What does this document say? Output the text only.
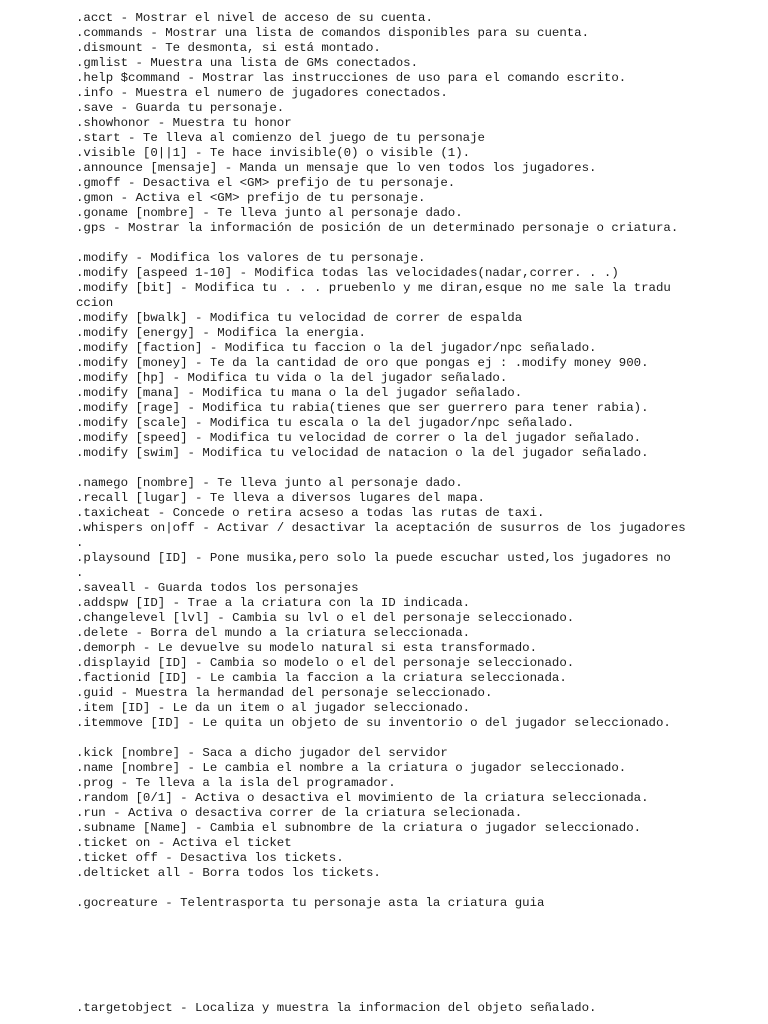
.acct - Mostrar el nivel de acceso de su cuenta.
.commands - Mostrar una lista de comandos disponibles para su cuenta.
.dismount - Te desmonta, si está montado.
.gmlist - Muestra una lista de GMs conectados.
.help $command - Mostrar las instrucciones de uso para el comando escrito.
.info - Muestra el numero de jugadores conectados.
.save - Guarda tu personaje.
.showhonor - Muestra tu honor
.start - Te lleva al comienzo del juego de tu personaje
.visible [0||1] - Te hace invisible(0) o visible (1).
.announce [mensaje] - Manda un mensaje que lo ven todos los jugadores.
.gmoff - Desactiva el <GM> prefijo de tu personaje.
.gmon - Activa el <GM> prefijo de tu personaje.
.goname [nombre] - Te lleva junto al personaje dado.
.gps - Mostrar la información de posición de un determinado personaje o criatura.
.modify - Modifica los valores de tu personaje.
.modify [aspeed 1-10] - Modifica todas las velocidades(nadar,correr. . .)
.modify [bit] - Modifica tu . . . pruebenlo y me diran,esque no me sale la tradu
ccion
.modify [bwalk] - Modifica tu velocidad de correr de espalda
.modify [energy] - Modifica la energia.
.modify [faction] - Modifica tu faccion o la del jugador/npc señalado.
.modify [money] - Te da la cantidad de oro que pongas ej : .modify money 900.
.modify [hp] - Modifica tu vida o la del jugador señalado.
.modify [mana] - Modifica tu mana o la del jugador señalado.
.modify [rage] - Modifica tu rabia(tienes que ser guerrero para tener rabia).
.modify [scale] - Modifica tu escala o la del jugador/npc señalado.
.modify [speed] - Modifica tu velocidad de correr o la del jugador señalado.
.modify [swim] - Modifica tu velocidad de natacion o la del jugador señalado.
.namego [nombre] - Te lleva junto al personaje dado.
.recall [lugar] - Te lleva a diversos lugares del mapa.
.taxicheat - Concede o retira acseso a todas las rutas de taxi.
.whispers on|off - Activar / desactivar la aceptación de susurros de los jugadores
.
.playsound [ID] - Pone musika,pero solo la puede escuchar usted,los jugadores no
.
.saveall - Guarda todos los personajes
.addspw [ID] - Trae a la criatura con la ID indicada.
.changelevel [lvl] - Cambia su lvl o el del personaje seleccionado.
.delete - Borra del mundo a la criatura seleccionada.
.demorph - Le devuelve su modelo natural si esta transformado.
.displayid [ID] - Cambia so modelo o el del personaje seleccionado.
.factionid [ID] - Le cambia la faccion a la criatura seleccionada.
.guid - Muestra la hermandad del personaje seleccionado.
.item [ID] - Le da un item o al jugador seleccionado.
.itemmove [ID] - Le quita un objeto de su inventorio o del jugador seleccionado.
.kick [nombre] - Saca a dicho jugador del servidor
.name [nombre] - Le cambia el nombre a la criatura o jugador seleccionado.
.prog - Te lleva a la isla del programador.
.random [0/1] - Activa o desactiva el movimiento de la criatura seleccionada.
.run - Activa o desactiva correr de la criatura selecionada.
.subname [Name] - Cambia el subnombre de la criatura o jugador seleccionado.
.ticket on - Activa el ticket
.ticket off - Desactiva los tickets.
.delticket all - Borra todos los tickets.
.gocreature - Telentrasporta tu personaje asta la criatura guia
.targetobject - Localiza y muestra la informacion del objeto señalado.
